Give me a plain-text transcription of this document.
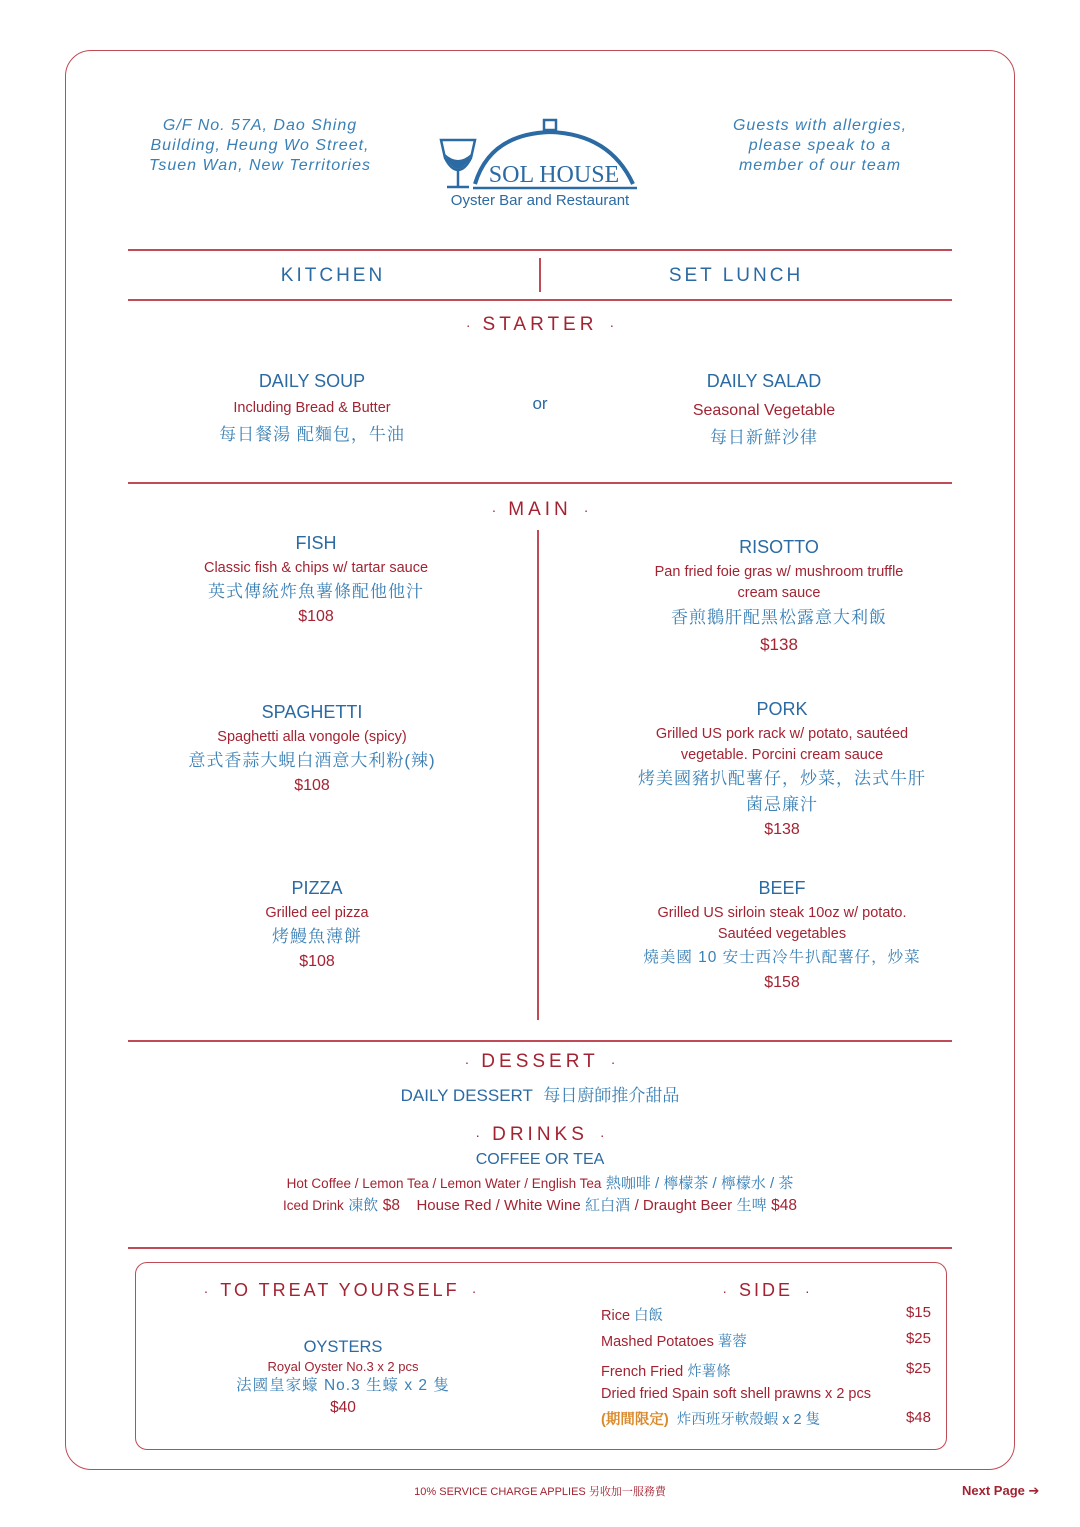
G/F No. 57A, Dao Shing Building, Heung Wo Street, Tsuen Wan, New Territories	SOL HOUSE
Oyster Bar and Restaurant
Guests with allergies, please speak to a member of our team
KITCHEN	SET LUNCH
· STARTER ·
DAILY SOUP
Including Bread & Butter
每日餐湯 配麵包，牛油
or
DAILY SALAD
Seasonal Vegetable
每日新鮮沙律
· MAIN ·
FISH
Classic fish & chips w/ tartar sauce
英式傳統炸魚薯條配他他汁
$108
SPAGHETTI
Spaghetti alla vongole (spicy)
意式香蒜大蜆白酒意大利粉(辣)
$108
PIZZA
Grilled eel pizza
烤鰻魚薄餅
$108
RISOTTO
Pan fried foie gras w/ mushroom truffle
cream sauce
香煎鵝肝配黑松露意大利飯
$138
PORK
Grilled US pork rack w/ potato, sautéed
vegetable. Porcini cream sauce
烤美國豬扒配薯仔，炒菜，法式牛肝
菌忌廉汁
$138
BEEF
Grilled US sirloin steak 10oz w/ potato.
Sautéed vegetables
燒美國 10 安士西冷牛扒配薯仔，炒菜
$158
· DESSERT ·
DAILY DESSERT 每日廚師推介甜品
· DRINKS ·
COFFEE OR TEA
Hot Coffee / Lemon Tea / Lemon Water / English Tea 熱咖啡 / 檸檬茶 / 檸檬水 / 茶
Iced Drink 凍飲 $8 House Red / White Wine 紅白酒 / Draught Beer 生啤 $48
· TO TREAT YOURSELF ·
OYSTERS
Royal Oyster No.3 x 2 pcs
法國皇家蠔 No.3 生蠔 x 2 隻
$40
· SIDE ·
Rice 白飯	$15
Mashed Potatoes 薯蓉	$25
French Fried 炸薯條	$25
Dried fried Spain soft shell prawns x 2 pcs
(期間限定) 炸西班牙軟殼蝦 x 2 隻	$48
10% SERVICE CHARGE APPLIES 另收加一服務費	Next Page ➔
